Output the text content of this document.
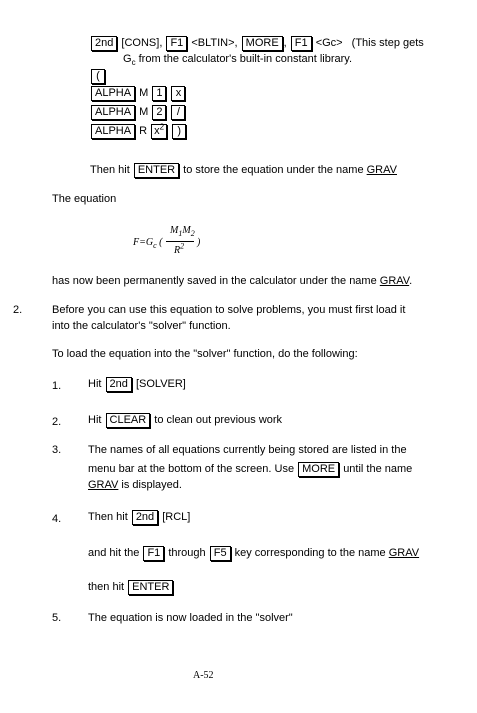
2nd [CONS], F1 <BLTIN>, MORE , F1 <Gc> (This step gets
$G_c$ from the calculator's built-in constant library.
(
ALPHA M 1 x
ALPHA M 2 /
ALPHA R $x^2$ )
Then hit ENTER to store the equation under the name GRAV
The equation
$F=G_c$ (
$M_1M_2$
$R^2$ )
has now been permanently saved in the calculator under the name GRAV.
2.	Before you can use this equation to solve problems, you must first load it
into the calculator's "solver" function.
To load the equation into the "solver" function, do the following:
1. Hit 2nd [SOLVER]
2. Hit CLEAR to clean out previous work
3. The names of all equations currently being stored are listed in the
menu bar at the bottom of the screen. Use MORE until the name
GRAV is displayed.
4. Then hit 2nd [RCL]
and hit the F1 through F5 key corresponding to the name GRAV
then hit ENTER
5. The equation is now loaded in the "solver"
A-52
